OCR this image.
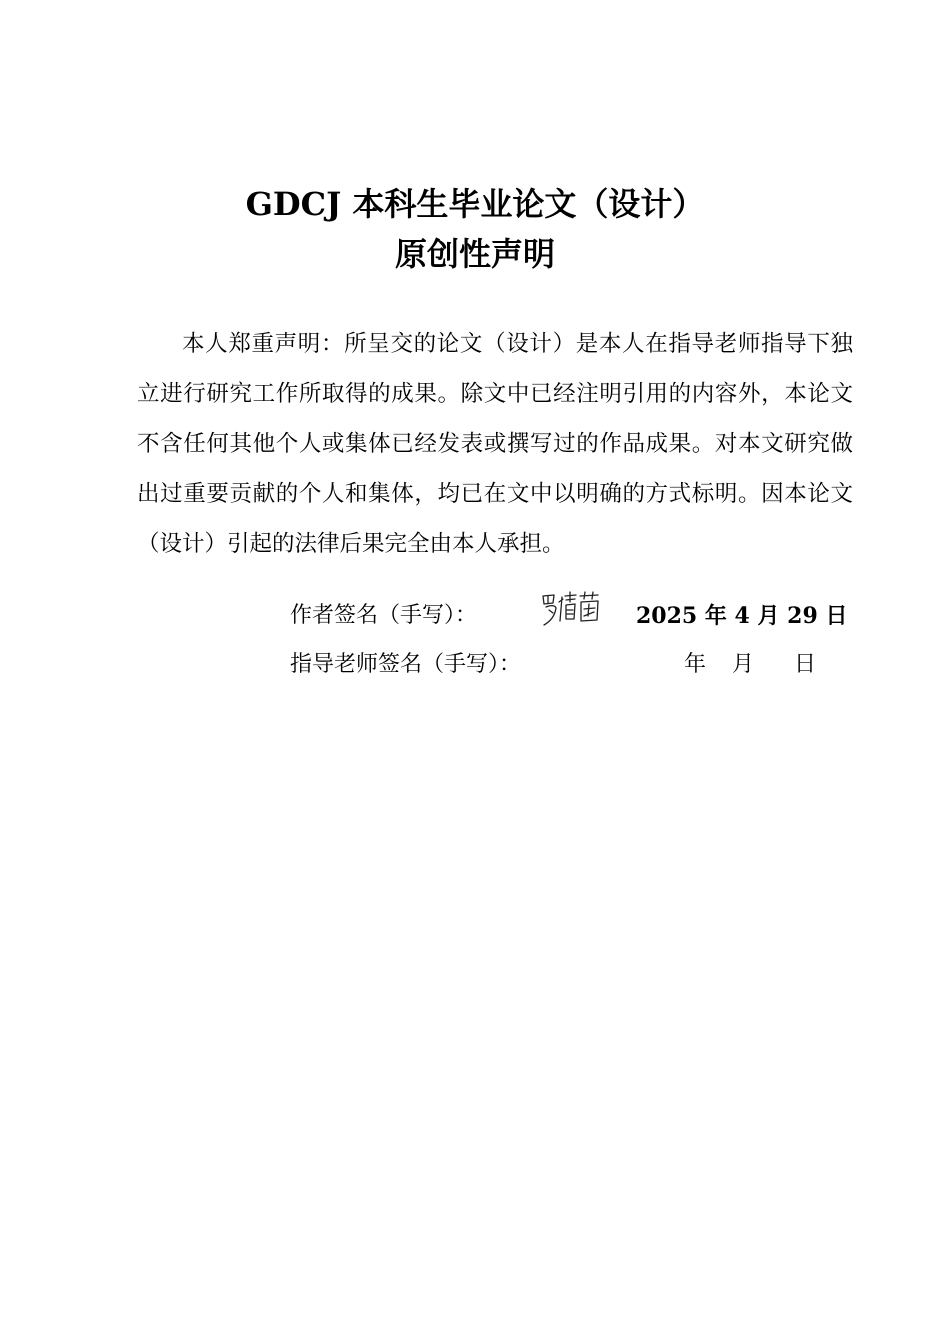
GDCJ 本科生毕业论文（设计）
原创性声明

本人郑重声明：所呈交的论文（设计）是本人在指导老师指导下独立进行研究工作所取得的成果。除文中已经注明引用的内容外，本论文不含任何其他个人或集体已经发表或撰写过的作品成果。对本文研究做出过重要贡献的个人和集体，均已在文中以明确的方式标明。因本论文（设计）引起的法律后果完全由本人承担。

作者签名（手写）：	2025 年 4 月 29 日
指导老师签名（手写）：	年 月 日
